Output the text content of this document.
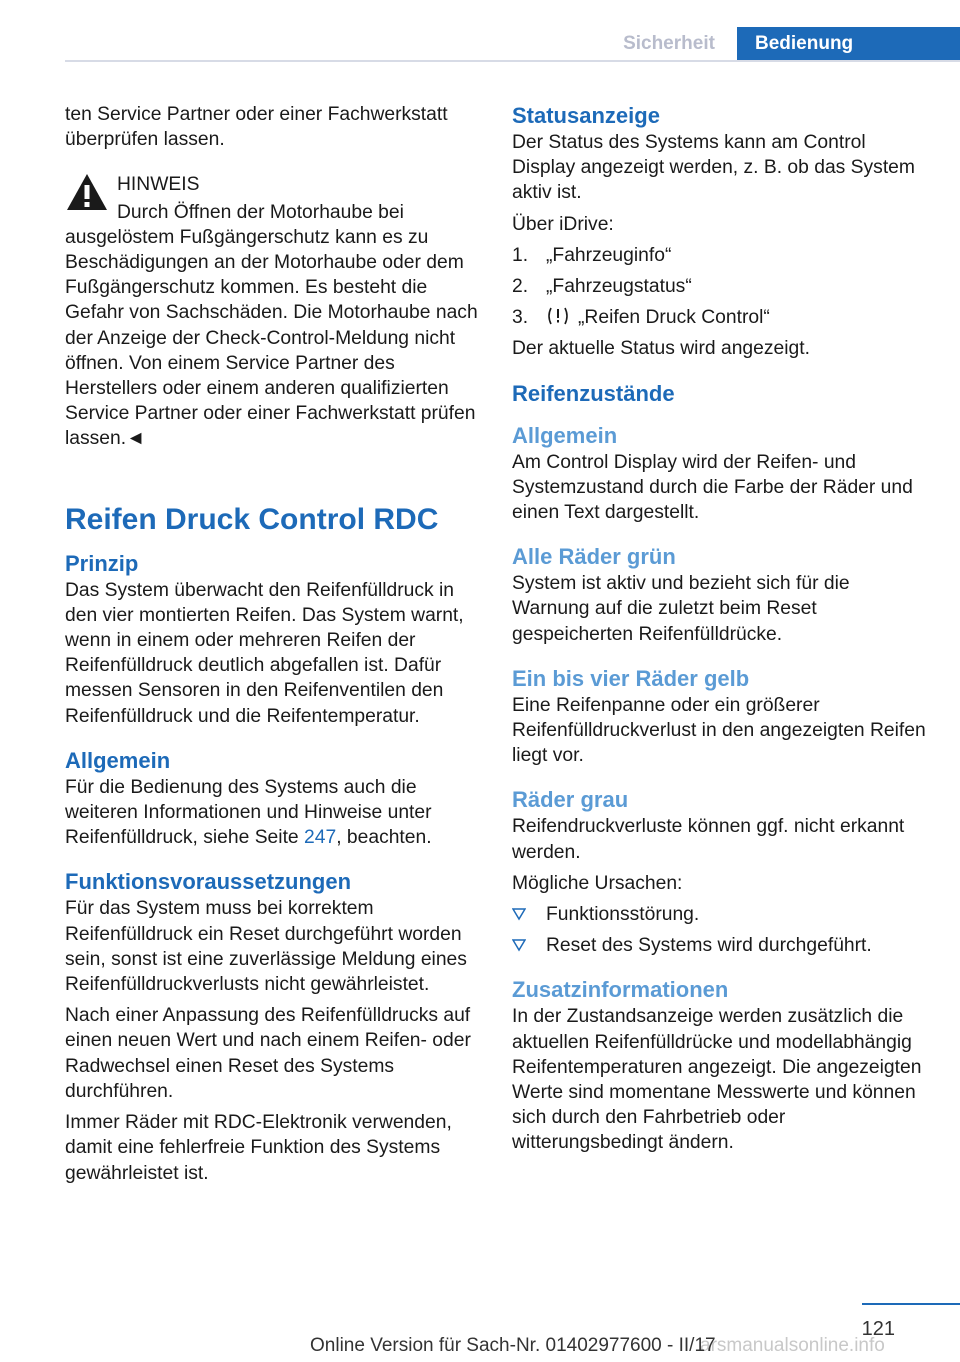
Sicherheit	Bedienung

ten Service Partner oder einer Fachwerkstatt überprüfen lassen.

HINWEIS

Durch Öffnen der Motorhaube bei ausgelöstem Fußgängerschutz kann es zu Beschädigungen an der Motorhaube oder dem Fußgängerschutz kommen. Es besteht die Gefahr von Sachschäden. Die Motorhaube nach der Anzeige der Check-Control-Meldung nicht öffnen. Von einem Service Partner des Herstellers oder einem anderen qualifizierten Service Partner oder einer Fachwerkstatt prüfen lassen.◄

Reifen Druck Control RDC
Prinzip

Das System überwacht den Reifenfülldruck in den vier montierten Reifen. Das System warnt, wenn in einem oder mehreren Reifen der Reifenfülldruck deutlich abgefallen ist. Dafür messen Sensoren in den Reifenventilen den Reifenfülldruck und die Reifentemperatur.

Allgemein

Für die Bedienung des Systems auch die weiteren Informationen und Hinweise unter Reifenfülldruck, siehe Seite 247, beachten.

Funktionsvoraussetzungen

Für das System muss bei korrektem Reifenfülldruck ein Reset durchgeführt worden sein, sonst ist eine zuverlässige Meldung eines Reifenfülldruckverlusts nicht gewährleistet.

Nach einer Anpassung des Reifenfülldrucks auf einen neuen Wert und nach einem Reifen- oder Radwechsel einen Reset des Systems durchführen.

Immer Räder mit RDC-Elektronik verwenden, damit eine fehlerfreie Funktion des Systems gewährleistet ist.

Statusanzeige

Der Status des Systems kann am Control Display angezeigt werden, z. B. ob das System aktiv ist.

Über iDrive:

1. „Fahrzeuginfo“
2. „Fahrzeugstatus“
3.	„Reifen Druck Control“

Der aktuelle Status wird angezeigt.

Reifenzustände
Allgemein

Am Control Display wird der Reifen- und Systemzustand durch die Farbe der Räder und einen Text dargestellt.

Alle Räder grün

System ist aktiv und bezieht sich für die Warnung auf die zuletzt beim Reset gespeicherten Reifenfülldrücke.

Ein bis vier Räder gelb

Eine Reifenpanne oder ein größerer Reifenfülldruckverlust in den angezeigten Reifen liegt vor.

Räder grau

Reifendruckverluste können ggf. nicht erkannt werden.

Mögliche Ursachen:

Funktionsstörung.
Reset des Systems wird durchgeführt.
Zusatzinformationen

In der Zustandsanzeige werden zusätzlich die aktuellen Reifenfülldrücke und modellabhängig Reifentemperaturen angezeigt. Die angezeigten Werte sind momentane Messwerte und können sich durch den Fahrbetrieb oder witterungsbedingt ändern.

121
arsmanualsonline.info
Online Version für Sach-Nr. 01402977600 - II/17
